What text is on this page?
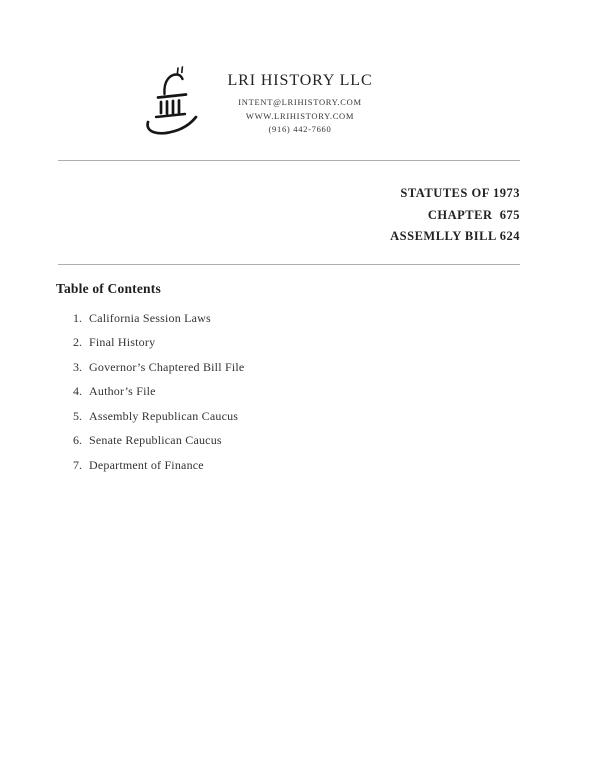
LRI HISTORY LLC
INTENT@LRIHISTORY.COM
WWW.LRIHISTORY.COM
(916) 442-7660
STATUTES OF 1973
CHAPTER  675
ASSEMLLY BILL 624
Table of Contents
1. California Session Laws
2. Final History
3. Governor’s Chaptered Bill File
4. Author’s File
5. Assembly Republican Caucus
6. Senate Republican Caucus
7. Department of Finance
